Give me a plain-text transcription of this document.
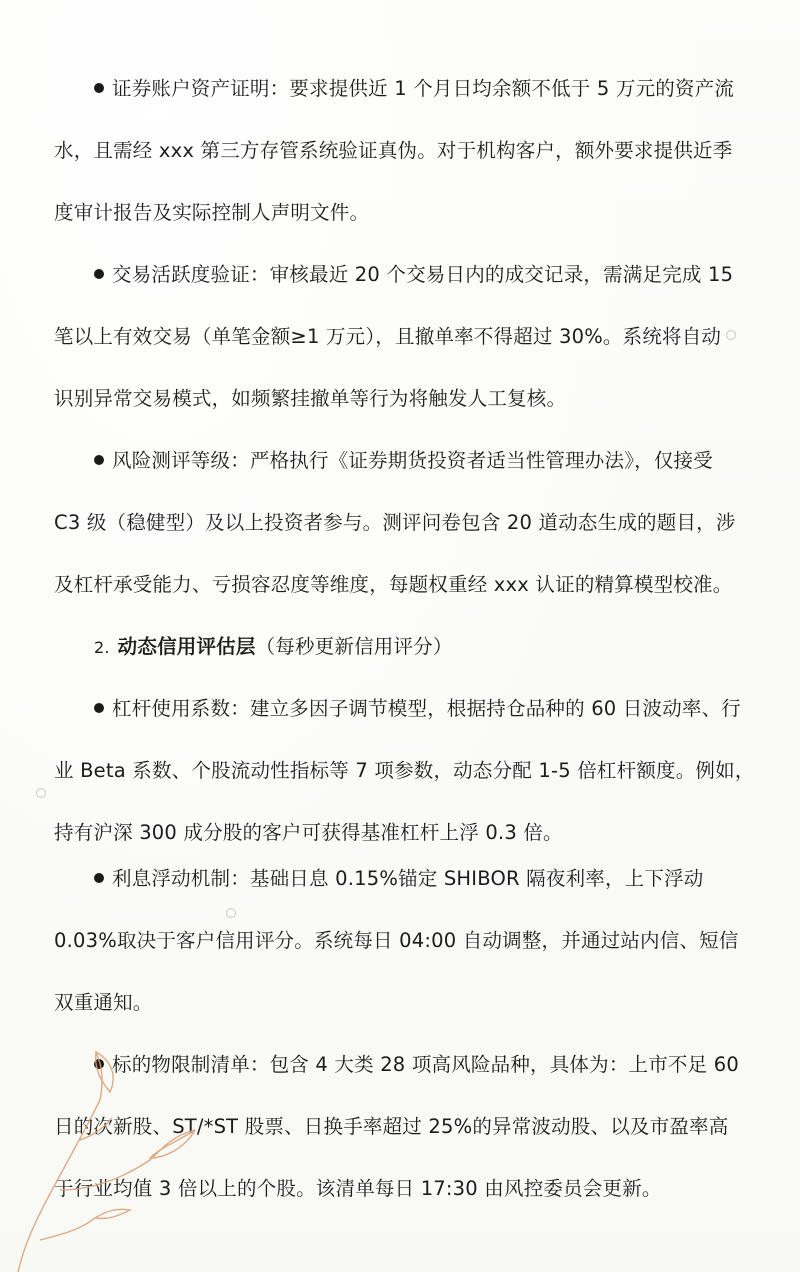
证券账户资产证明：要求提供近 1 个月日均余额不低于 5 万元的资产流
水，且需经 xxx 第三方存管系统验证真伪。对于机构客户，额外要求提供近季
度审计报告及实际控制人声明文件。
交易活跃度验证：审核最近 20 个交易日内的成交记录，需满足完成 15
笔以上有效交易（单笔金额≥1 万元），且撤单率不得超过 30%。系统将自动
识别异常交易模式，如频繁挂撤单等行为将触发人工复核。
风险测评等级：严格执行《证券期货投资者适当性管理办法》，仅接受
C3 级（稳健型）及以上投资者参与。测评问卷包含 20 道动态生成的题目，涉
及杠杆承受能力、亏损容忍度等维度，每题权重经 xxx 认证的精算模型校准。
2. 动态信用评估层（每秒更新信用评分）
杠杆使用系数：建立多因子调节模型，根据持仓品种的 60 日波动率、行
业 Beta 系数、个股流动性指标等 7 项参数，动态分配 1-5 倍杠杆额度。例如，
持有沪深 300 成分股的客户可获得基准杠杆上浮 0.3 倍。
利息浮动机制：基础日息 0.15%锚定 SHIBOR 隔夜利率，上下浮动
0.03%取决于客户信用评分。系统每日 04:00 自动调整，并通过站内信、短信
双重通知。
标的物限制清单：包含 4 大类 28 项高风险品种，具体为：上市不足 60
日的次新股、ST/*ST 股票、日换手率超过 25%的异常波动股、以及市盈率高
于行业均值 3 倍以上的个股。该清单每日 17:30 由风控委员会更新。
